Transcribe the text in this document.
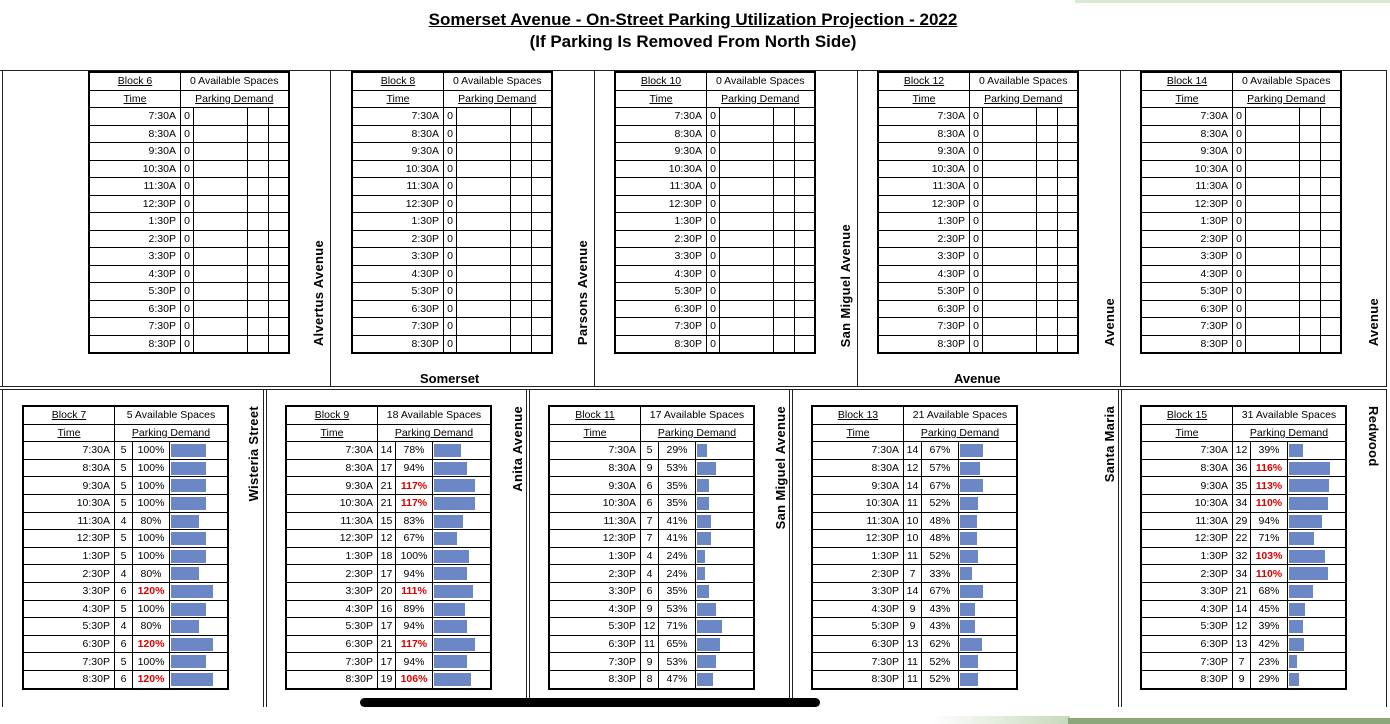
Somerset Avenue - On-Street Parking Utilization Projection - 2022
(If Parking Is Removed From North Side)
Alvertus Avenue	Parsons Avenue	San Miguel Avenue	Avenue	Avenue
Somerset	Avenue
Wisteria Street	Anita Avenue	San Miguel Avenue	Santa Maria	Redwood
Block 6	0 Available Spaces			
Time	Parking Demand			
7:30A	0			
8:30A	0			
9:30A	0			
10:30A	0			
11:30A	0			
12:30P	0			
1:30P	0			
2:30P	0			
3:30P	0			
4:30P	0			
5:30P	0			
6:30P	0			
7:30P	0			
8:30P	0			
Block 8	0 Available Spaces			
Time	Parking Demand			
7:30A	0			
8:30A	0			
9:30A	0			
10:30A	0			
11:30A	0			
12:30P	0			
1:30P	0			
2:30P	0			
3:30P	0			
4:30P	0			
5:30P	0			
6:30P	0			
7:30P	0			
8:30P	0			
Block 10	0 Available Spaces			
Time	Parking Demand			
7:30A	0			
8:30A	0			
9:30A	0			
10:30A	0			
11:30A	0			
12:30P	0			
1:30P	0			
2:30P	0			
3:30P	0			
4:30P	0			
5:30P	0			
6:30P	0			
7:30P	0			
8:30P	0			
Block 12	0 Available Spaces			
Time	Parking Demand			
7:30A	0			
8:30A	0			
9:30A	0			
10:30A	0			
11:30A	0			
12:30P	0			
1:30P	0			
2:30P	0			
3:30P	0			
4:30P	0			
5:30P	0			
6:30P	0			
7:30P	0			
8:30P	0			
Block 14	0 Available Spaces			
Time	Parking Demand			
7:30A	0			
8:30A	0			
9:30A	0			
10:30A	0			
11:30A	0			
12:30P	0			
1:30P	0			
2:30P	0			
3:30P	0			
4:30P	0			
5:30P	0			
6:30P	0			
7:30P	0			
8:30P	0			
Block 7	5 Available Spaces		
Time	Parking Demand		
7:30A	5	100%	

8:30A	5	100%	

9:30A	5	100%	

10:30A	5	100%	

11:30A	4	80%	

12:30P	5	100%	

1:30P	5	100%	

2:30P	4	80%	

3:30P	6	120%	

4:30P	5	100%	

5:30P	4	80%	

6:30P	6	120%	

7:30P	5	100%	

8:30P	6	120%	
Block 9	18 Available Spaces		
Time	Parking Demand		
7:30A	14	78%	

8:30A	17	94%	

9:30A	21	117%	

10:30A	21	117%	

11:30A	15	83%	

12:30P	12	67%	

1:30P	18	100%	

2:30P	17	94%	

3:30P	20	111%	

4:30P	16	89%	

5:30P	17	94%	

6:30P	21	117%	

7:30P	17	94%	

8:30P	19	106%	
Block 11	17 Available Spaces		
Time	Parking Demand		
7:30A	5	29%	

8:30A	9	53%	

9:30A	6	35%	

10:30A	6	35%	

11:30A	7	41%	

12:30P	7	41%	

1:30P	4	24%	

2:30P	4	24%	

3:30P	6	35%	

4:30P	9	53%	

5:30P	12	71%	

6:30P	11	65%	

7:30P	9	53%	

8:30P	8	47%	
Block 13	21 Available Spaces		
Time	Parking Demand		
7:30A	14	67%	

8:30A	12	57%	

9:30A	14	67%	

10:30A	11	52%	

11:30A	10	48%	

12:30P	10	48%	

1:30P	11	52%	

2:30P	7	33%	

3:30P	14	67%	

4:30P	9	43%	

5:30P	9	43%	

6:30P	13	62%	

7:30P	11	52%	

8:30P	11	52%	
Block 15	31 Available Spaces		
Time	Parking Demand		
7:30A	12	39%	

8:30A	36	116%	

9:30A	35	113%	

10:30A	34	110%	

11:30A	29	94%	

12:30P	22	71%	

1:30P	32	103%	

2:30P	34	110%	

3:30P	21	68%	

4:30P	14	45%	

5:30P	12	39%	

6:30P	13	42%	

7:30P	7	23%	

8:30P	9	29%	
